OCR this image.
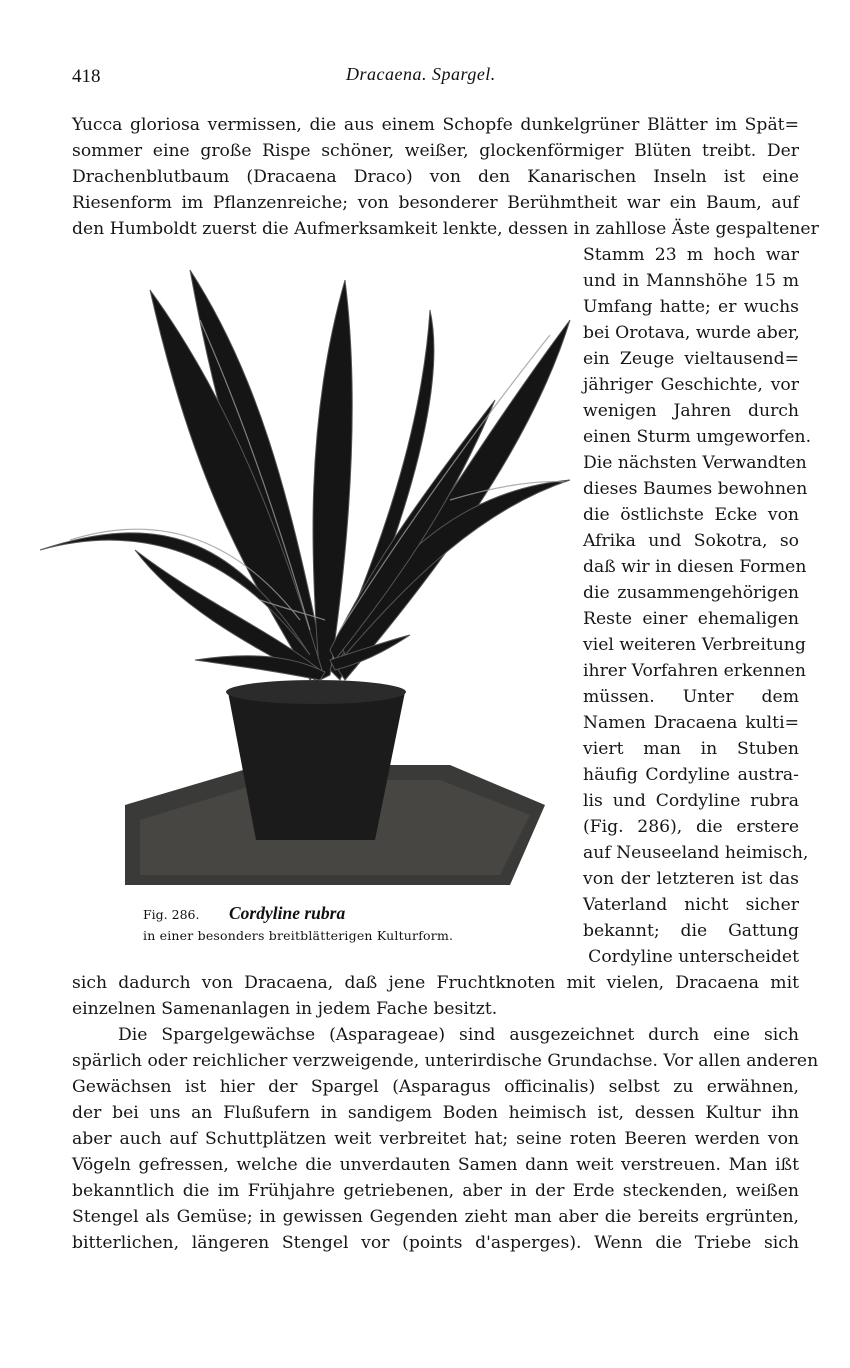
418	Dracaena. Spargel.
Yucca gloriosa vermissen, die aus einem Schopfe dunkelgrüner Blätter im Spät=
sommer eine große Rispe schöner, weißer, glockenförmiger Blüten treibt. Der
Drachenblutbaum (Dracaena Draco) von den Kanarischen Inseln ist eine
Riesenform im Pflanzenreiche; von besonderer Berühmtheit war ein Baum, auf
den Humboldt zuerst die Aufmerksamkeit lenkte, dessen in zahllose Äste gespaltener
Stamm 23 m hoch war
und in Mannshöhe 15 m
Umfang hatte; er wuchs
bei Orotava, wurde aber,
ein Zeuge vieltausend=
jähriger Geschichte, vor
wenigen Jahren durch
einen Sturm umgeworfen.
Die nächsten Verwandten
dieses Baumes bewohnen
die östlichste Ecke von
Afrika und Sokotra, so
daß wir in diesen Formen
die zusammengehörigen
Reste einer ehemaligen
viel weiteren Verbreitung
ihrer Vorfahren erkennen
müssen. Unter dem
Namen Dracaena kulti=
viert man in Stuben
häufig Cordyline austra-
lis und Cordyline rubra
(Fig. 286), die erstere
auf Neuseeland heimisch,
von der letzteren ist das
Vaterland nicht sicher
bekannt; die Gattung
Cordyline unterscheidet
sich dadurch von Dracaena, daß jene Fruchtknoten mit vielen, Dracaena mit
einzelnen Samenanlagen in jedem Fache besitzt.
Die Spargelgewächse (Asparageae) sind ausgezeichnet durch eine sich
spärlich oder reichlicher verzweigende, unterirdische Grundachse. Vor allen anderen
Gewächsen ist hier der Spargel (Asparagus officinalis) selbst zu erwähnen,
der bei uns an Flußufern in sandigem Boden heimisch ist, dessen Kultur ihn
aber auch auf Schuttplätzen weit verbreitet hat; seine roten Beeren werden von
Vögeln gefressen, welche die unverdauten Samen dann weit verstreuen. Man ißt
bekanntlich die im Frühjahre getriebenen, aber in der Erde steckenden, weißen
Stengel als Gemüse; in gewissen Gegenden zieht man aber die bereits ergrünten,
bitterlichen, längeren Stengel vor (points d'asperges). Wenn die Triebe sich
Fig. 286. Cordyline rubra
in einer besonders breitblätterigen Kulturform.
